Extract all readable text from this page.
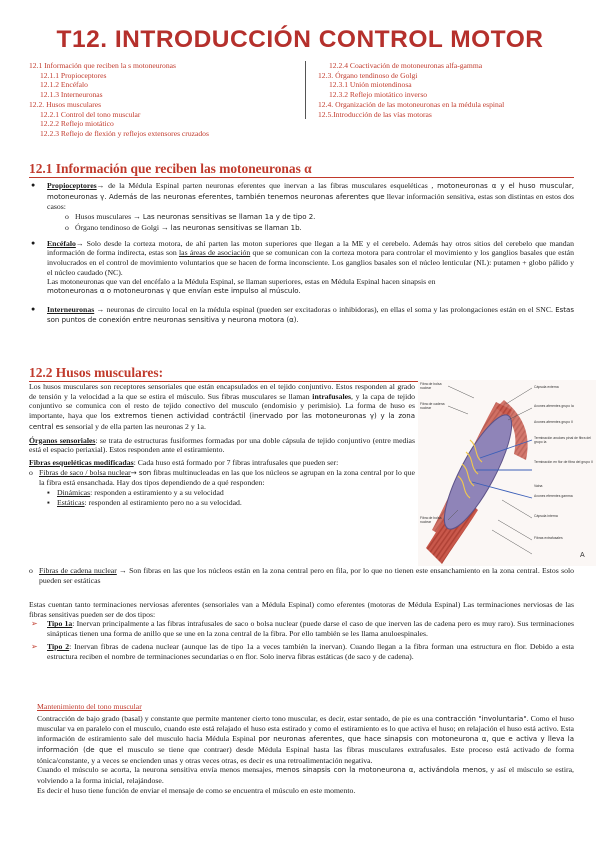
T12. INTRODUCCIÓN CONTROL MOTOR
12.1 Información que reciben la s motoneuronas
12.1.1 Propioceptores
12.1.2 Encéfalo
12.1.3 Interneuronas
12.2. Husos musculares
12.2.1 Control del tono muscular
12.2.2 Reflejo miotático
12.2.3 Reflejo de flexión y reflejos extensores cruzados
12.2.4 Coactivación de motoneuronas alfa-gamma
12.3. Órgano tendinoso de Golgi
12.3.1 Unión miotendinosa
12.3.2 Reflejo miotático inverso
12.4. Organización de las motoneuronas en la médula espinal
12.5.Introducción de las vías motoras
12.1 Información que reciben las motoneuronas α
● Propioceptores→ de la Médula Espinal parten neuronas eferentes que inervan a las fibras musculares esqueléticas , motoneuronas α y el huso muscular, motoneuronas γ. Además de las neuronas eferentes, también tenemos neuronas aferentes que llevar información sensitiva, estas son distintas en estos dos casos:
o Husos musculares → Las neuronas sensitivas se llaman 1a y de tipo 2.
o Órgano tendinoso de Golgi → las neuronas sensitivas se llaman 1b.
● Encéfalo→ Solo desde la corteza motora, de ahí parten las moton superiores que llegan a la ME y el cerebelo. Además hay otros sitios del cerebelo que mandan información de forma indirecta, estas son las áreas de asociación que se comunican con la corteza motora para controlar el movimiento y los ganglios basales que están involucrados en el control de movimiento voluntarios que se hacen de forma inconsciente. Los ganglios basales son el núcleo lenticular (NL): putamen + globo pálido y el núcleo caudado (NC).

Las motoneuronas que van del encéfalo a la Médula Espinal, se llaman superiores, estas en Médula Espinal hacen sinapsis en

motoneuronas α o motoneuronas γ que envían este impulso al músculo.

● Interneuronas → neuronas de circuito local en la médula espinal (pueden ser excitadoras o inhibidoras), en ellas el soma y las prolongaciones están en el SNC. Estas son puntos de conexión entre neuronas sensitiva y neurona motora (α).
12.2 Husos musculares:

Los husos musculares son receptores sensoriales que están encapsulados en el tejido conjuntivo. Estos responden al grado de tensión y la velocidad a la que se estira el músculo. Sus fibras musculares se llaman intrafusales, y la capa de tejido conjuntivo se comunica con el resto de tejido conectivo del musculo (endomisio y perimisio). La forma de huso es importante, haya que los extremos tienen actividad contráctil (inervado por las motoneuronas γ) y la zona central es sensorial y de ella parten las neuronas 2 y 1a.

Órganos sensoriales: se trata de estructuras fusiformes formadas por una doble cápsula de tejido conjuntivo (entre medias está el espacio periaxial). Estos responden ante el estiramiento.

Fibras esqueléticas modificadas: Cada huso está formado por 7 fibras intrafusales que pueden ser:

o Fibras de saco / bolsa nuclear→ son fibras multinucleadas en las que los núcleos se agrupan en la zona central por lo que la fibra está ensanchada. Hay dos tipos dependiendo de a qué responden:
▪ Dinámicas: responden a estiramiento y a su velocidad
▪ Estáticas: responden al estiramiento pero no a su velocidad.
o Fibras de cadena nuclear → Son fibras en las que los núcleos están en la zona central pero en fila, por lo que no tienen este ensanchamiento en la zona central. Estos solo pueden ser estáticas
Fibra de bolsa nuclear
Fibra de cadena nuclear
Fibra de bolsa nuclear
Cápsula externa
Axones aferentes grupo Ia
Axones aferentes grupo II
Terminación anuloes pinal de fibra del grupo Ia
Terminación en flor de fibra del grupo II
Vaina
Axones eferentes gamma
Cápsula interna
Fibras extrafusales
A

Estas cuentan tanto terminaciones nerviosas aferentes (sensoriales van a Médula Espinal) como eferentes (motoras de Médula Espinal) Las terminaciones nerviosas de las fibras sensitivas pueden ser de dos tipos:

➢ Tipo 1a: Inervan principalmente a las fibras intrafusales de saco o bolsa nuclear (puede darse el caso de que inerven las de cadena pero es muy raro). Sus terminaciones sinápticas tienen una forma de anillo que se une en la zona central de la fibra. Por ello también se les llama anuloespinales.
➢ Tipo 2: Inervan fibras de cadena nuclear (aunque las de tipo 1a a veces también la inervan). Cuando llegan a la fibra forman una estructura en flor. Debido a esta estructura reciben el nombre de terminaciones secundarias o en flor. Solo inerva fibras estáticas (de saco y de cadena).

Mantenimiento del tono muscular

Contracción de bajo grado (basal) y constante que permite mantener cierto tono muscular, es decir, estar sentado, de pie es una contracción "involuntaria". Como el huso muscular va en paralelo con el musculo, cuando este está relajado el huso esta estirado y como el estiramiento es lo que activa el huso; en relajación el huso está activo. Esta información de estiramiento sale del musculo hacia Médula Espinal por neuronas aferentes, que hace sinapsis con motoneurona α, que e activa y lleva la información (de que el musculo se tiene que contraer) desde Médula Espinal hasta las fibras musculares extrafusales. Este proceso está activado de forma tónica/constante, y a veces se encienden unas y otras veces otras, es decir es una retroalimentación negativa.

Cuando el músculo se acorta, la neurona sensitiva envía menos mensajes, menos sinapsis con la motoneurona α, activándola menos, y así el músculo se estira, volviendo a la forma inicial, relajándose.

Es decir el huso tiene función de enviar el mensaje de como se encuentra el músculo en este momento.
